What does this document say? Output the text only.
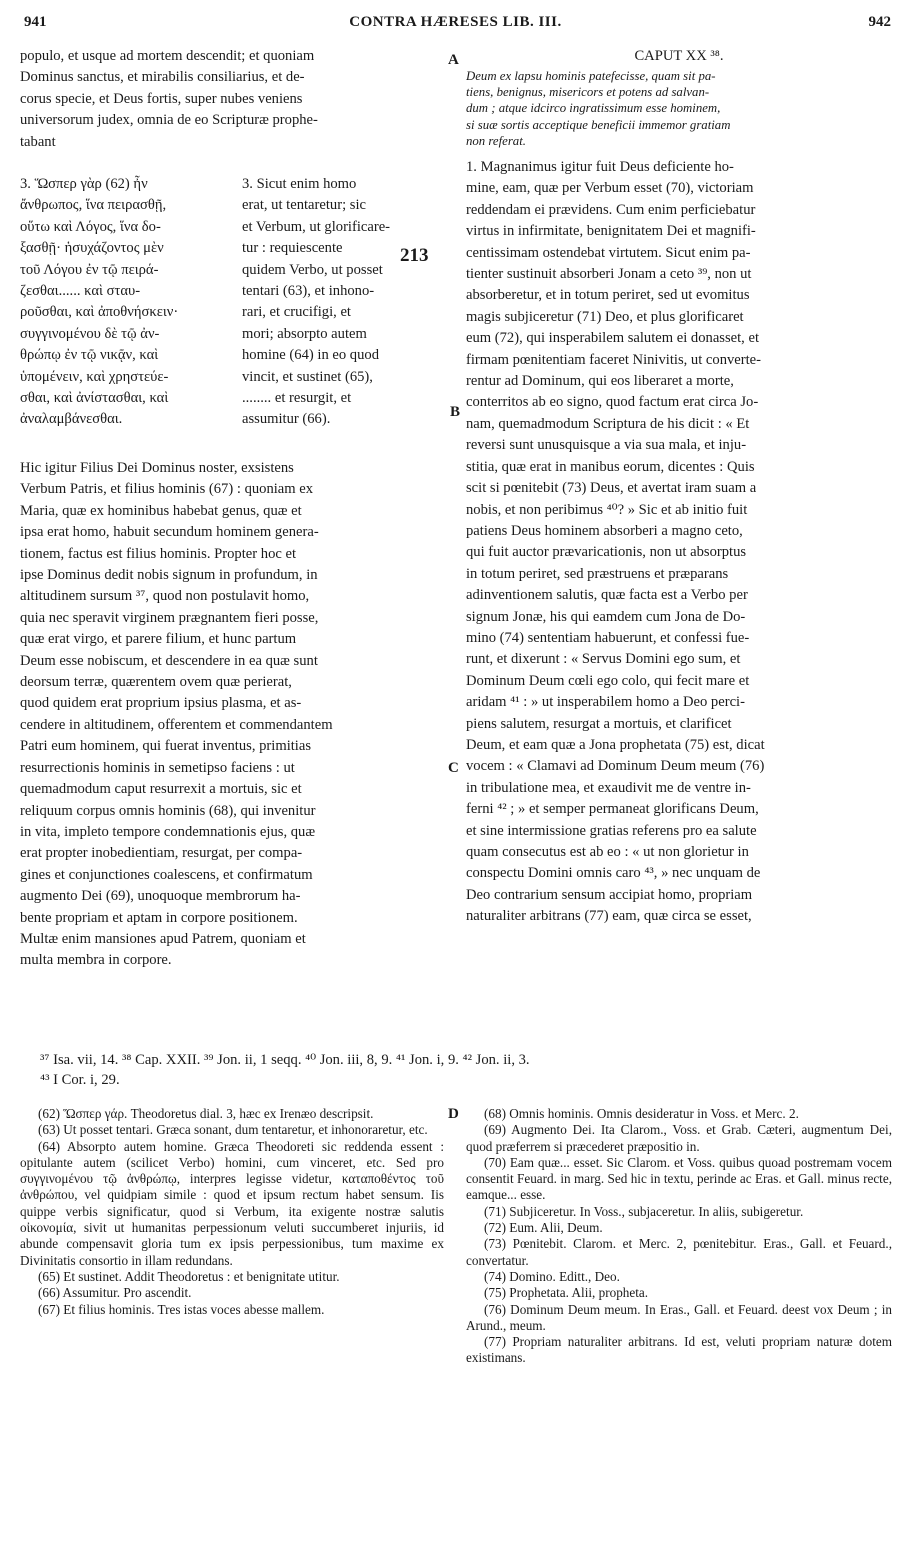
941	CONTRA HÆRESES LIB. III.	942
populo, et usque ad mortem descendit; et quoniam
Dominus sanctus, et mirabilis consiliarius, et de-
corus specie, et Deus fortis, super nubes veniens
universorum judex, omnia de eo Scripturæ prophe-
tabant
3. Ὥσπερ γὰρ (62) ἦν
ἄνθρωπος, ἵνα πειρασθῇ,
οὕτω καὶ Λόγος, ἵνα δο-
ξασθῇ· ἡσυχάζοντος μὲν
τοῦ Λόγου ἐν τῷ πειρά-
ζεσθαι...... καὶ σταυ-
ροῦσθαι, καὶ ἀποθνήσκειν·
συγγινομένου δὲ τῷ ἀν-
θρώπῳ ἐν τῷ νικᾷν, καὶ
ὑπομένειν, καὶ χρηστεύε-
σθαι, καὶ ἀνίστασθαι, καὶ
ἀναλαμβάνεσθαι.
3. Sicut enim homo
erat, ut tentaretur; sic
et Verbum, ut glorificare-
tur : requiescente
quidem Verbo, ut posset
tentari (63), et inhono-
rari, et crucifigi, et
mori; absorpto autem
homine (64) in eo quod
vincit, et sustinet (65),
........ et resurgit, et
assumitur (66).
213
Hic igitur Filius Dei Dominus noster, exsistens
Verbum Patris, et filius hominis (67) : quoniam ex
Maria, quæ ex hominibus habebat genus, quæ et
ipsa erat homo, habuit secundum hominem genera-
tionem, factus est filius hominis. Propter hoc et
ipse Dominus dedit nobis signum in profundum, in
altitudinem sursum ³⁷, quod non postulavit homo,
quia nec speravit virginem prægnantem fieri posse,
quæ erat virgo, et parere filium, et hunc partum
Deum esse nobiscum, et descendere in ea quæ sunt
deorsum terræ, quærentem ovem quæ perierat,
quod quidem erat proprium ipsius plasma, et as-
cendere in altitudinem, offerentem et commendantem
Patri eum hominem, qui fuerat inventus, primitias
resurrectionis hominis in semetipso faciens : ut
quemadmodum caput resurrexit a mortuis, sic et
reliquum corpus omnis hominis (68), qui invenitur
in vita, impleto tempore condemnationis ejus, quæ
erat propter inobedientiam, resurgat, per compa-
gines et conjunctiones coalescens, et confirmatum
augmento Dei (69), unoquoque membrorum ha-
bente propriam et aptam in corpore positionem.
Multæ enim mansiones apud Patrem, quoniam et
multa membra in corpore.
CAPUT XX ³⁸.
Deum ex lapsu hominis patefecisse, quam sit pa-
tiens, benignus, misericors et potens ad salvan-
dum ; atque idcirco ingratissimum esse hominem,
si suæ sortis acceptique beneficii immemor gratiam
non referat.
1. Magnanimus igitur fuit Deus deficiente ho-
mine, eam, quæ per Verbum esset (70), victoriam
reddendam ei prævidens. Cum enim perficiebatur
virtus in infirmitate, benignitatem Dei et magnifi-
centissimam ostendebat virtutem. Sicut enim pa-
tienter sustinuit absorberi Jonam a ceto ³⁹, non ut
absorberetur, et in totum periret, sed ut evomitus
magis subjiceretur (71) Deo, et plus glorificaret
eum (72), qui insperabilem salutem ei donasset, et
firmam pœnitentiam faceret Ninivitis, ut converte-
rentur ad Dominum, qui eos liberaret a morte,
conterritos ab eo signo, quod factum erat circa Jo-
nam, quemadmodum Scriptura de his dicit : « Et
reversi sunt unusquisque a via sua mala, et inju-
stitia, quæ erat in manibus eorum, dicentes : Quis
scit si pœnitebit (73) Deus, et avertat iram suam a
nobis, et non peribimus ⁴⁰? » Sic et ab initio fuit
patiens Deus hominem absorberi a magno ceto,
qui fuit auctor prævaricationis, non ut absorptus
in totum periret, sed præstruens et præparans
adinventionem salutis, quæ facta est a Verbo per
signum Jonæ, his qui eamdem cum Jona de Do-
mino (74) sententiam habuerunt, et confessi fue-
runt, et dixerunt : « Servus Domini ego sum, et
Dominum Deum cœli ego colo, qui fecit mare et
aridam ⁴¹ : » ut insperabilem homo a Deo perci-
piens salutem, resurgat a mortuis, et clarificet
Deum, et eam quæ a Jona prophetata (75) est, dicat
vocem : « Clamavi ad Dominum Deum meum (76)
in tribulatione mea, et exaudivit me de ventre in-
ferni ⁴² ; » et semper permaneat glorificans Deum,
et sine intermissione gratias referens pro ea salute
quam consecutus est ab eo : « ut non glorietur in
conspectu Domini omnis caro ⁴³, » nec unquam de
Deo contrarium sensum accipiat homo, propriam
naturaliter arbitrans (77) eam, quæ circa se esset,
A
B
C
D
³⁷ Isa. vii, 14. ³⁸ Cap. XXII. ³⁹ Jon. ii, 1 seqq. ⁴⁰ Jon. iii, 8, 9. ⁴¹ Jon. i, 9. ⁴² Jon. ii, 3.
⁴³ I Cor. i, 29.

(62) Ὥσπερ γάρ. Theodoretus dial. 3, hæc ex Irenæo descripsit.

(63) Ut posset tentari. Græca sonant, dum tentaretur, et inhonoraretur, etc.

(64) Absorpto autem homine. Græca Theodoreti sic reddenda essent : opitulante autem (scilicet Verbo) homini, cum vinceret, etc. Sed pro συγγινομένου τῷ ἀνθρώπῳ, interpres legisse videtur, καταποθέντος τοῦ ἀνθρώπου, vel quidpiam simile : quod et ipsum rectum habet sensum. Iis quippe verbis significatur, quod si Verbum, ita exigente nostræ salutis οἰκονομία, sivit ut humanitas perpessionum veluti succumberet injuriis, id abunde compensavit gloria tum ex ipsis perpessionibus, tum maxime ex Divinitatis consortio in illam redundans.

(65) Et sustinet. Addit Theodoretus : et benignitate utitur.

(66) Assumitur. Pro ascendit.

(67) Et filius hominis. Tres istas voces abesse mallem.

(68) Omnis hominis. Omnis desideratur in Voss. et Merc. 2.

(69) Augmento Dei. Ita Clarom., Voss. et Grab. Cæteri, augmentum Dei, quod præferrem si præcederet præpositio in.

(70) Eam quæ... esset. Sic Clarom. et Voss. quibus quoad postremam vocem consentit Feuard. in marg. Sed hic in textu, perinde ac Eras. et Gall. minus recte, eamque... esse.

(71) Subjiceretur. In Voss., subjaceretur. In aliis, subigeretur.

(72) Eum. Alii, Deum.

(73) Pœnitebit. Clarom. et Merc. 2, pœnitebitur. Eras., Gall. et Feuard., convertatur.

(74) Domino. Editt., Deo.

(75) Prophetata. Alii, propheta.

(76) Dominum Deum meum. In Eras., Gall. et Feuard. deest vox Deum ; in Arund., meum.

(77) Propriam naturaliter arbitrans. Id est, veluti propriam naturæ dotem existimans.
